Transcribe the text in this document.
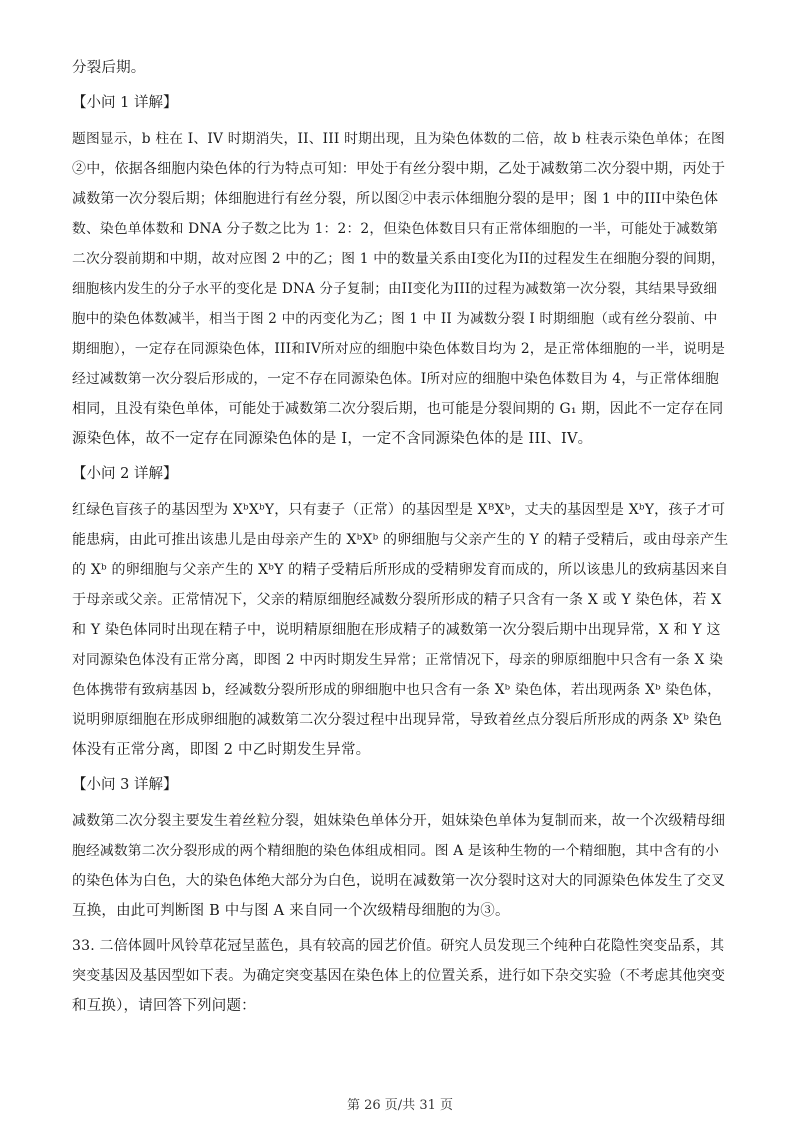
分裂后期。
【小问 1 详解】
题图显示，b 柱在 I、IV 时期消失，II、III 时期出现，且为染色体数的二倍，故 b 柱表示染色单体；在图
②中，依据各细胞内染色体的行为特点可知：甲处于有丝分裂中期，乙处于减数第二次分裂中期，丙处于
减数第一次分裂后期；体细胞进行有丝分裂，所以图②中表示体细胞分裂的是甲；图 1 中的III中染色体
数、染色单体数和 DNA 分子数之比为 1：2：2，但染色体数目只有正常体细胞的一半，可能处于减数第
二次分裂前期和中期，故对应图 2 中的乙；图 1 中的数量关系由I变化为II的过程发生在细胞分裂的间期，
细胞核内发生的分子水平的变化是 DNA 分子复制；由II变化为III的过程为减数第一次分裂，其结果导致细
胞中的染色体数减半，相当于图 2 中的丙变化为乙；图 1 中 II 为减数分裂 I 时期细胞（或有丝分裂前、中
期细胞），一定存在同源染色体，III和IV所对应的细胞中染色体数目均为 2，是正常体细胞的一半，说明是
经过减数第一次分裂后形成的，一定不存在同源染色体。I所对应的细胞中染色体数目为 4，与正常体细胞
相同，且没有染色单体，可能处于减数第二次分裂后期，也可能是分裂间期的 G₁ 期，因此不一定存在同
源染色体，故不一定存在同源染色体的是 I，一定不含同源染色体的是 III、IV。
【小问 2 详解】
红绿色盲孩子的基因型为 XᵇXᵇY，只有妻子（正常）的基因型是 XᴮXᵇ，丈夫的基因型是 XᵇY，孩子才可
能患病，由此可推出该患儿是由母亲产生的 XᵇXᵇ 的卵细胞与父亲产生的 Y 的精子受精后，或由母亲产生
的 Xᵇ 的卵细胞与父亲产生的 XᵇY 的精子受精后所形成的受精卵发育而成的，所以该患儿的致病基因来自
于母亲或父亲。正常情况下，父亲的精原细胞经减数分裂所形成的精子只含有一条 X 或 Y 染色体，若 X
和 Y 染色体同时出现在精子中，说明精原细胞在形成精子的减数第一次分裂后期中出现异常，X 和 Y 这
对同源染色体没有正常分离，即图 2 中丙时期发生异常；正常情况下，母亲的卵原细胞中只含有一条 X 染
色体携带有致病基因 b，经减数分裂所形成的卵细胞中也只含有一条 Xᵇ 染色体，若出现两条 Xᵇ 染色体，
说明卵原细胞在形成卵细胞的减数第二次分裂过程中出现异常，导致着丝点分裂后所形成的两条 Xᵇ 染色
体没有正常分离，即图 2 中乙时期发生异常。
【小问 3 详解】
减数第二次分裂主要发生着丝粒分裂，姐妹染色单体分开，姐妹染色单体为复制而来，故一个次级精母细
胞经减数第二次分裂形成的两个精细胞的染色体组成相同。图 A 是该种生物的一个精细胞，其中含有的小
的染色体为白色，大的染色体绝大部分为白色，说明在减数第一次分裂时这对大的同源染色体发生了交叉
互换，由此可判断图 B 中与图 A 来自同一个次级精母细胞的为③。
33. 二倍体圆叶风铃草花冠呈蓝色，具有较高的园艺价值。研究人员发现三个纯种白花隐性突变品系，其
突变基因及基因型如下表。为确定突变基因在染色体上的位置关系，进行如下杂交实验（不考虑其他突变
和互换），请回答下列问题：
第 26 页/共 31 页
